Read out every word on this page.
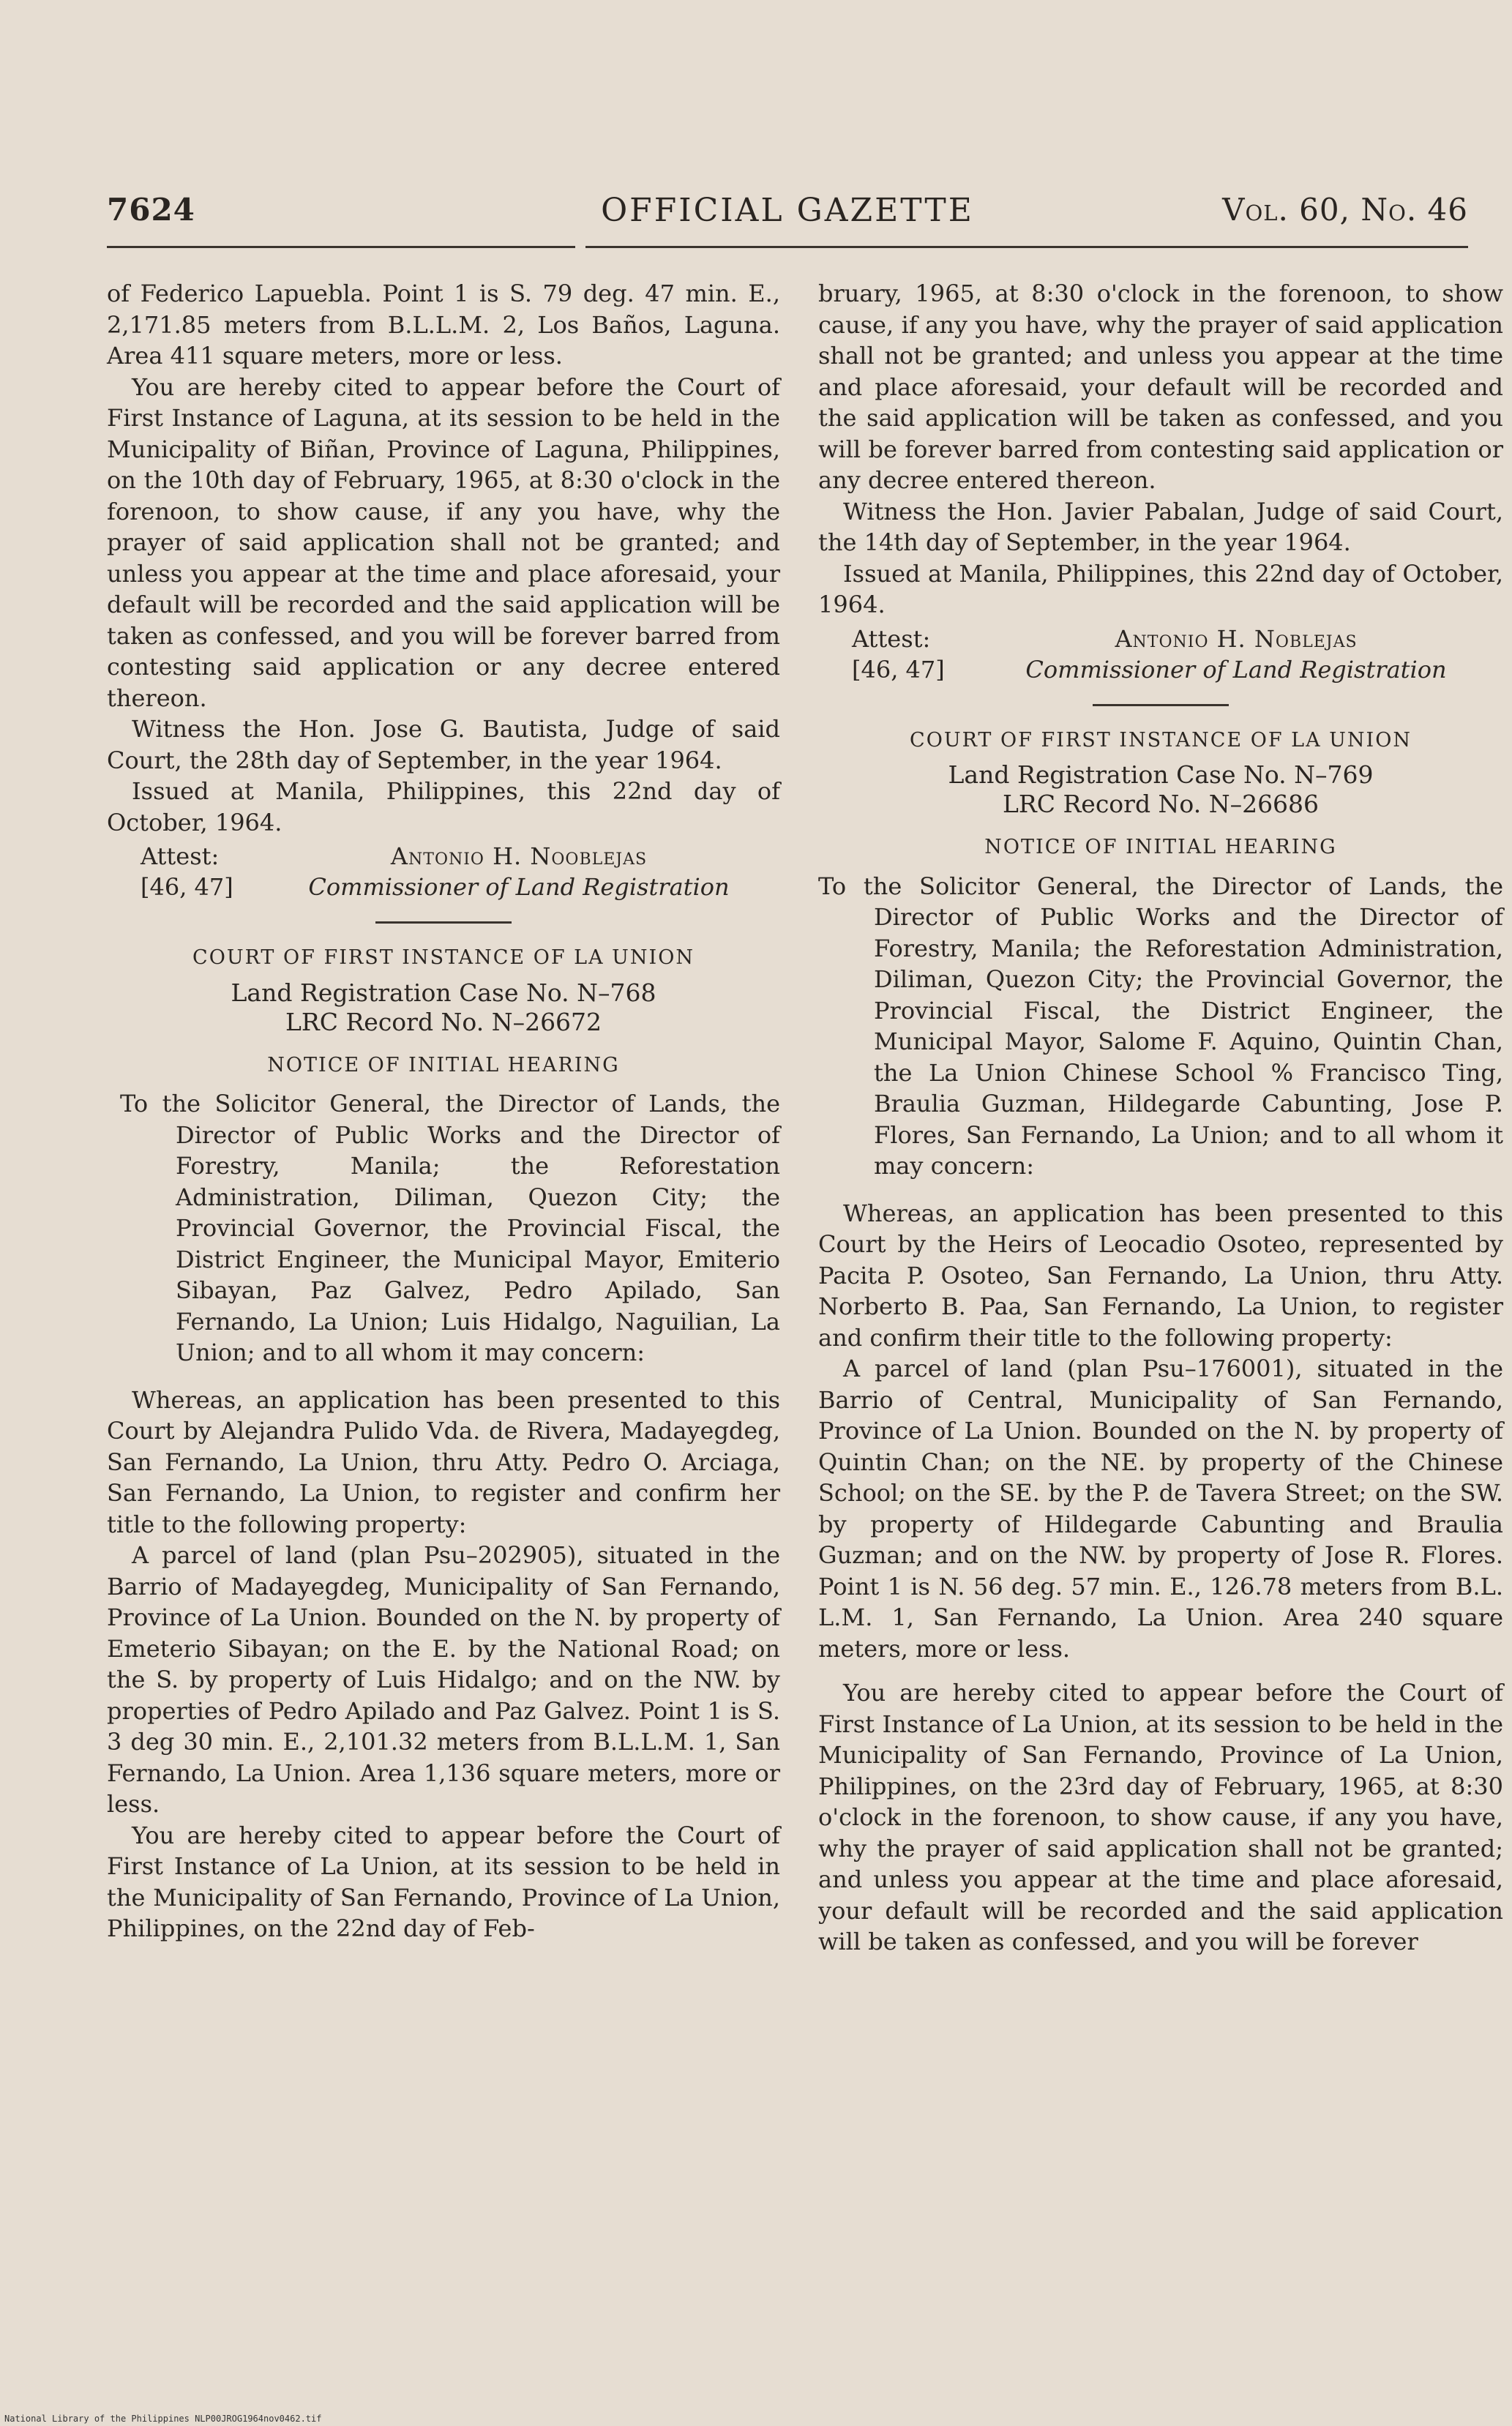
7624	OFFICIAL GAZETTE	Vol. 60, No. 46

of Federico Lapuebla. Point 1 is S. 79 deg. 47 min. E., 2,171.85 meters from B.L.L.M. 2, Los Baños, Laguna. Area 411 square meters, more or less.

You are hereby cited to appear before the Court of First Instance of Laguna, at its session to be held in the Municipality of Biñan, Province of Laguna, Philippines, on the 10th day of February, 1965, at 8:30 o'clock in the forenoon, to show cause, if any you have, why the prayer of said application shall not be granted; and unless you appear at the time and place aforesaid, your default will be recorded and the said application will be taken as confessed, and you will be forever barred from contesting said application or any decree entered thereon.

Witness the Hon. Jose G. Bautista, Judge of said Court, the 28th day of September, in the year 1964.

Issued at Manila, Philippines, this 22nd day of October, 1964.

Attest:	Antonio H. Nooblejas
[46, 47]	Commissioner of Land Registration

COURT OF FIRST INSTANCE OF LA UNION

Land Registration Case No. N–768

LRC Record No. N–26672

NOTICE OF INITIAL HEARING

To the Solicitor General, the Director of Lands, the Director of Public Works and the Director of Forestry, Manila; the Reforestation Administration, Diliman, Quezon City; the Provincial Governor, the Provincial Fiscal, the District Engineer, the Municipal Mayor, Emiterio Sibayan, Paz Galvez, Pedro Apilado, San Fernando, La Union; Luis Hidalgo, Naguilian, La Union; and to all whom it may concern:

Whereas, an application has been presented to this Court by Alejandra Pulido Vda. de Rivera, Madayegdeg, San Fernando, La Union, thru Atty. Pedro O. Arciaga, San Fernando, La Union, to register and confirm her title to the following property:

A parcel of land (plan Psu–202905), situated in the Barrio of Madayegdeg, Municipality of San Fernando, Province of La Union. Bounded on the N. by property of Emeterio Sibayan; on the E. by the National Road; on the S. by property of Luis Hidalgo; and on the NW. by properties of Pedro Apilado and Paz Galvez. Point 1 is S. 3 deg 30 min. E., 2,101.32 meters from B.L.L.M. 1, San Fernando, La Union. Area 1,136 square meters, more or less.

You are hereby cited to appear before the Court of First Instance of La Union, at its session to be held in the Municipality of San Fernando, Province of La Union, Philippines, on the 22nd day of Feb-

bruary, 1965, at 8:30 o'clock in the forenoon, to show cause, if any you have, why the prayer of said application shall not be granted; and unless you appear at the time and place aforesaid, your default will be recorded and the said application will be taken as confessed, and you will be forever barred from contesting said application or any decree entered thereon.

Witness the Hon. Javier Pabalan, Judge of said Court, the 14th day of September, in the year 1964.

Issued at Manila, Philippines, this 22nd day of October, 1964.

Attest:	Antonio H. Noblejas
[46, 47]	Commissioner of Land Registration

COURT OF FIRST INSTANCE OF LA UNION

Land Registration Case No. N–769

LRC Record No. N–26686

NOTICE OF INITIAL HEARING

To the Solicitor General, the Director of Lands, the Director of Public Works and the Director of Forestry, Manila; the Reforestation Administration, Diliman, Quezon City; the Provincial Governor, the Provincial Fiscal, the District Engineer, the Municipal Mayor, Salome F. Aquino, Quintin Chan, the La Union Chinese School % Francisco Ting, Braulia Guzman, Hildegarde Cabunting, Jose P. Flores, San Fernando, La Union; and to all whom it may concern:

Whereas, an application has been presented to this Court by the Heirs of Leocadio Osoteo, represented by Pacita P. Osoteo, San Fernando, La Union, thru Atty. Norberto B. Paa, San Fernando, La Union, to register and confirm their title to the following property:

A parcel of land (plan Psu–176001), situated in the Barrio of Central, Municipality of San Fernando, Province of La Union. Bounded on the N. by property of Quintin Chan; on the NE. by property of the Chinese School; on the SE. by the P. de Tavera Street; on the SW. by property of Hildegarde Cabunting and Braulia Guzman; and on the NW. by property of Jose R. Flores. Point 1 is N. 56 deg. 57 min. E., 126.78 meters from B.L. L.M. 1, San Fernando, La Union. Area 240 square meters, more or less.

You are hereby cited to appear before the Court of First Instance of La Union, at its session to be held in the Municipality of San Fernando, Province of La Union, Philippines, on the 23rd day of February, 1965, at 8:30 o'clock in the forenoon, to show cause, if any you have, why the prayer of said application shall not be granted; and unless you appear at the time and place aforesaid, your default will be recorded and the said application will be taken as confessed, and you will be forever

National Library of the Philippines NLP00JROG1964nov0462.tif
